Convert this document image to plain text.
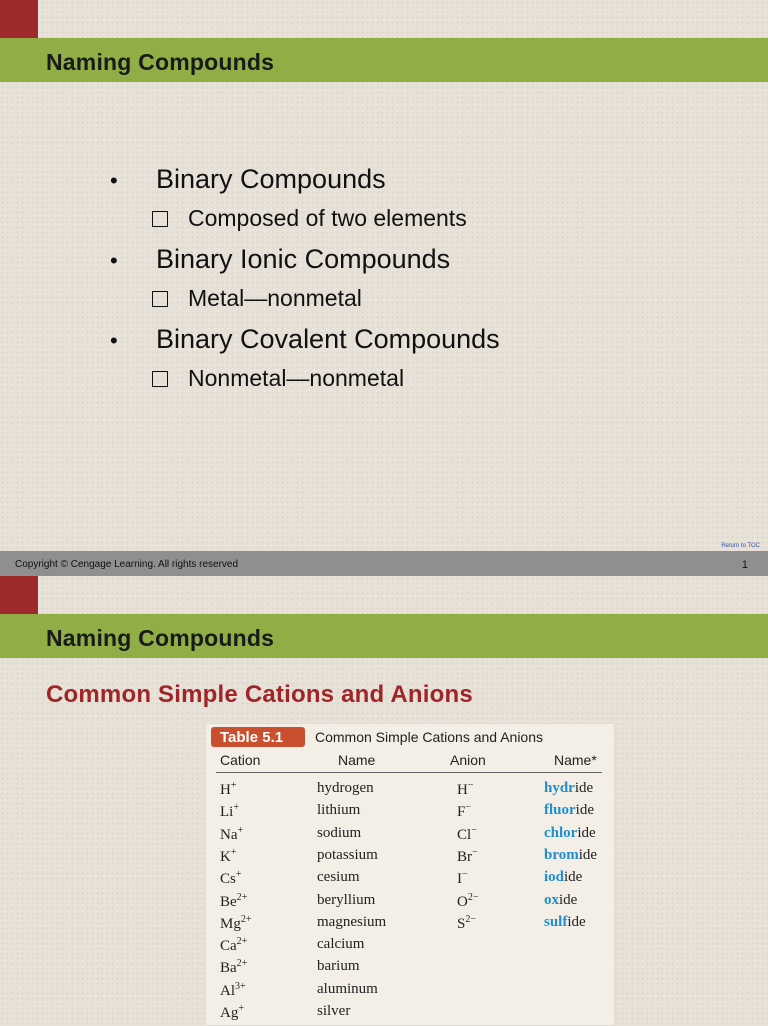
Naming Compounds
• Binary Compounds
Composed of two elements
• Binary Ionic Compounds
Metal—nonmetal
• Binary Covalent Compounds
Nonmetal—nonmetal
Return to TOC
Copyright © Cengage Learning. All rights reserved	1
Naming Compounds
Common Simple Cations and Anions
Table 5.1 Common Simple Cations and Anions
Cation	Name	Anion	Name*
H+	hydrogen	H−	hydride
Li+	lithium	F−	fluoride
Na+	sodium	Cl−	chloride
K+	potassium	Br−	bromide
Cs+	cesium	I−	iodide
$Be^{2+}$	beryllium	$O^{2-}$	oxide
$Mg^{2+}$	magnesium	$S^{2-}$	sulfide
$Ca^{2+}$	calcium
$Ba^{2+}$	barium
$Al^{3+}$	aluminum
Ag+	silver
